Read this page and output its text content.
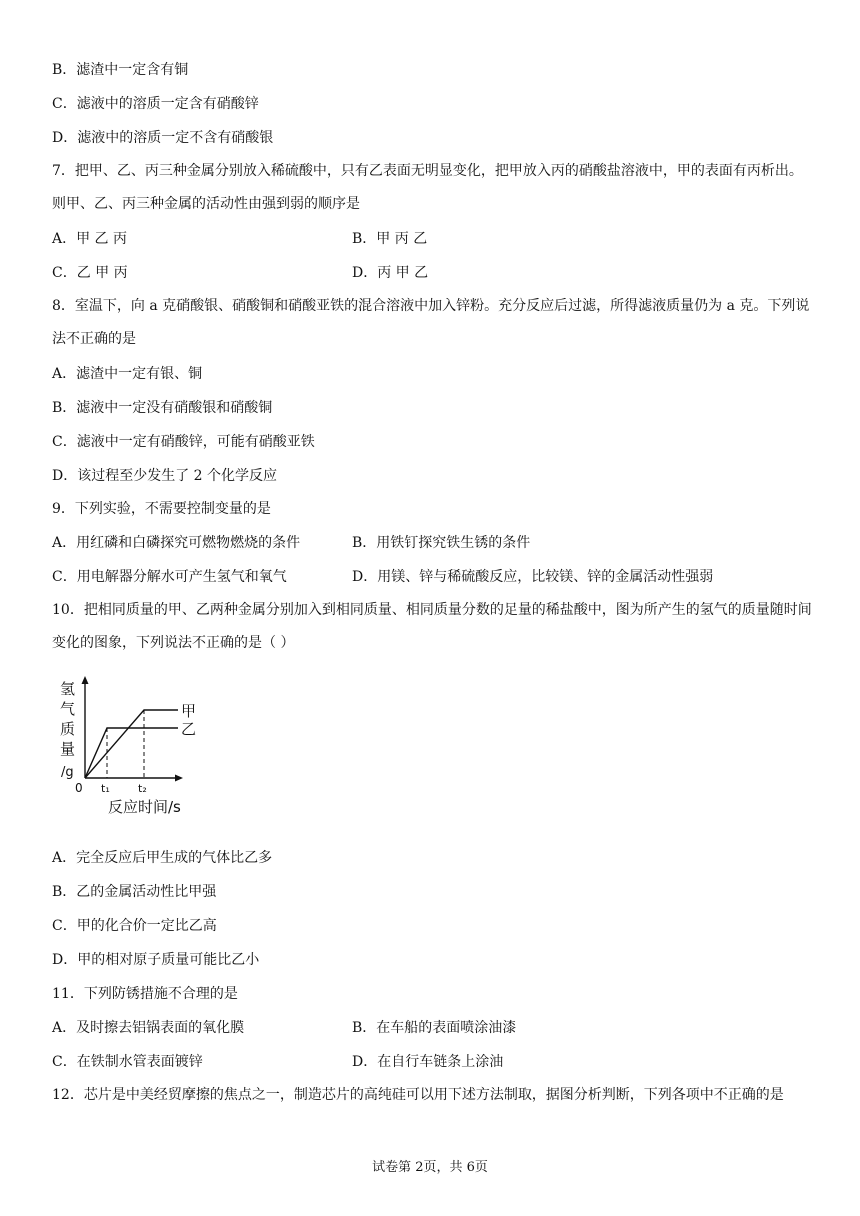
B．滤渣中一定含有铜
C．滤液中的溶质一定含有硝酸锌
D．滤液中的溶质一定不含有硝酸银
7．把甲、乙、丙三种金属分别放入稀硫酸中，只有乙表面无明显变化，把甲放入丙的硝酸盐溶液中，甲的表面有丙析出。则甲、乙、丙三种金属的活动性由强到弱的顺序是
A．甲 乙 丙	B．甲 丙 乙
C．乙 甲 丙	D．丙 甲 乙
8．室温下，向 a 克硝酸银、硝酸铜和硝酸亚铁的混合溶液中加入锌粉。充分反应后过滤，所得滤液质量仍为 a 克。下列说法不正确的是
A．滤渣中一定有银、铜
B．滤液中一定没有硝酸银和硝酸铜
C．滤液中一定有硝酸锌，可能有硝酸亚铁
D．该过程至少发生了 2 个化学反应
9．下列实验，不需要控制变量的是
A．用红磷和白磷探究可燃物燃烧的条件	B．用铁钉探究铁生锈的条件
C．用电解器分解水可产生氢气和氧气	D．用镁、锌与稀硫酸反应，比较镁、锌的金属活动性强弱
10．把相同质量的甲、乙两种金属分别加入到相同质量、相同质量分数的足量的稀盐酸中，图为所产生的氢气的质量随时间变化的图象，下列说法不正确的是（ ）
氢
气
质
量
/g
甲
乙
0 t₁	t₂
反应时间/s
A．完全反应后甲生成的气体比乙多
B．乙的金属活动性比甲强
C．甲的化合价一定比乙高
D．甲的相对原子质量可能比乙小
11．下列防锈措施不合理的是
A．及时擦去铝锅表面的氧化膜	B．在车船的表面喷涂油漆
C．在铁制水管表面镀锌	D．在自行车链条上涂油
12．芯片是中美经贸摩擦的焦点之一，制造芯片的高纯硅可以用下述方法制取，据图分析判断，下列各项中不正确的是
试卷第 2页，共 6页
